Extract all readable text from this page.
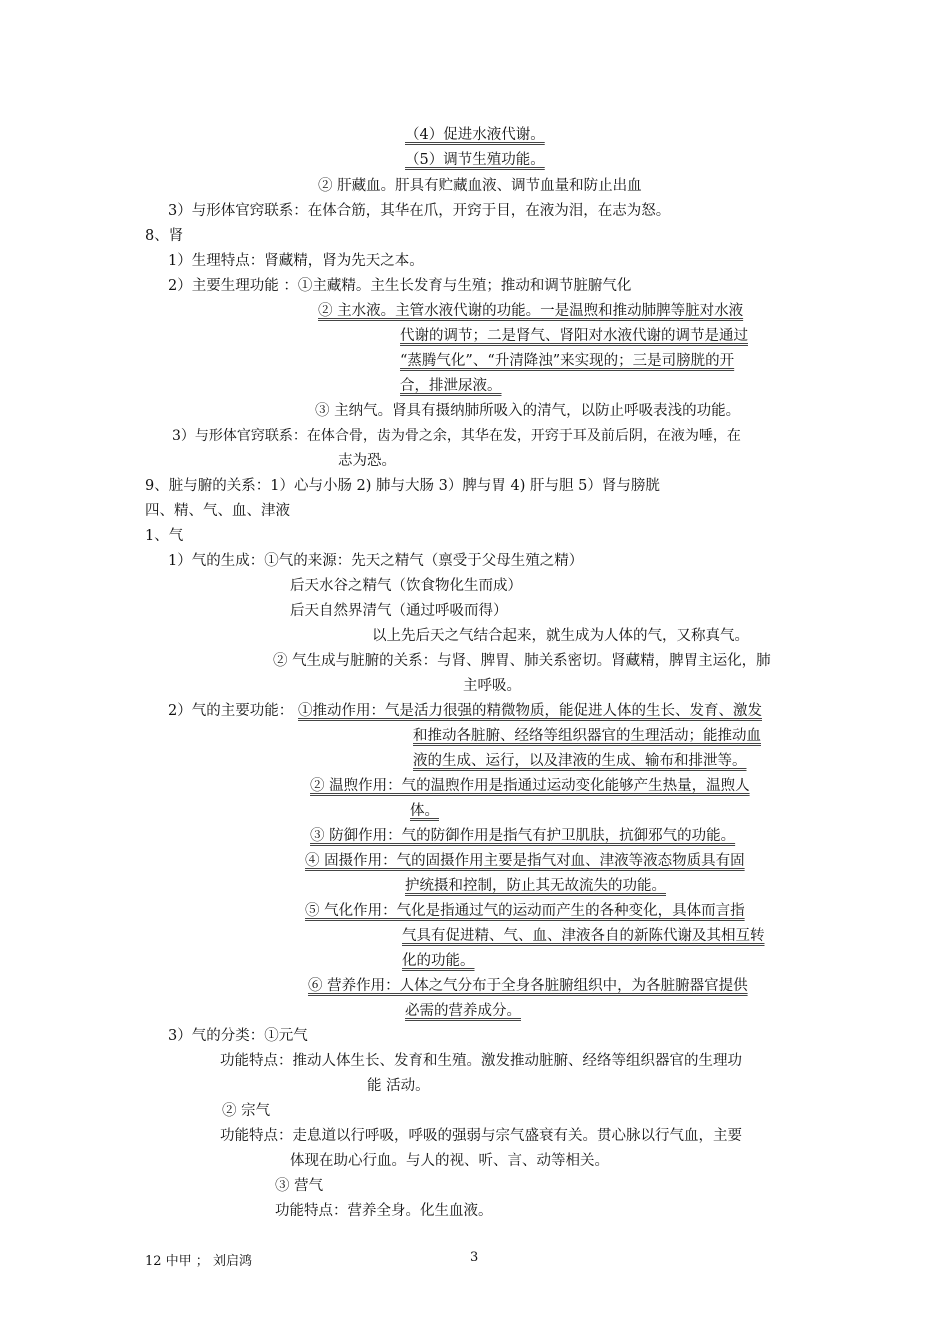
（4）促进水液代谢。
（5）调节生殖功能。
② 肝藏血。肝具有贮藏血液、调节血量和防止出血
3）与形体官窍联系：在体合筋，其华在爪，开窍于目，在液为泪，在志为怒。
8、肾
1）生理特点：肾藏精，肾为先天之本。
2）主要生理功能 ：①主藏精。主生长发育与生殖；推动和调节脏腑气化
② 主水液。主管水液代谢的功能。一是温煦和推动肺脾等脏对水液
代谢的调节；二是肾气、肾阳对水液代谢的调节是通过
“蒸腾气化”、“升清降浊”来实现的；三是司膀胱的开
合，排泄尿液。
③ 主纳气。肾具有摄纳肺所吸入的清气，以防止呼吸表浅的功能。
3）与形体官窍联系：在体合骨，齿为骨之余，其华在发，开窍于耳及前后阴，在液为唾，在
志为恐。
9、脏与腑的关系：1）心与小肠 2) 肺与大肠 3）脾与胃 4) 肝与胆 5）肾与膀胱
四、精、气、血、津液
1、气
1）气的生成：①气的来源：先天之精气（禀受于父母生殖之精）
后天水谷之精气（饮食物化生而成）
后天自然界清气（通过呼吸而得）
以上先后天之气结合起来，就生成为人体的气，又称真气。
② 气生成与脏腑的关系：与肾、脾胃、肺关系密切。肾藏精，脾胃主运化，肺
主呼吸。
2）气的主要功能： ①推动作用：气是活力很强的精微物质，能促进人体的生长、发育、激发
和推动各脏腑、经络等组织器官的生理活动；能推动血
液的生成、运行，以及津液的生成、输布和排泄等。
② 温煦作用：气的温煦作用是指通过运动变化能够产生热量，温煦人
体。
③ 防御作用：气的防御作用是指气有护卫肌肤，抗御邪气的功能。
④ 固摄作用：气的固摄作用主要是指气对血、津液等液态物质具有固
护统摄和控制，防止其无故流失的功能。
⑤ 气化作用：气化是指通过气的运动而产生的各种变化，具体而言指
气具有促进精、气、血、津液各自的新陈代谢及其相互转
化的功能。
⑥ 营养作用：人体之气分布于全身各脏腑组织中，为各脏腑器官提供
必需的营养成分。
3）气的分类：①元气
功能特点：推动人体生长、发育和生殖。激发推动脏腑、经络等组织器官的生理功
能 活动。
② 宗气
功能特点：走息道以行呼吸，呼吸的强弱与宗气盛衰有关。贯心脉以行气血，主要
体现在助心行血。与人的视、听、言、动等相关。
③ 营气
功能特点：营养全身。化生血液。
12 中甲 ； 刘启鸿	3
